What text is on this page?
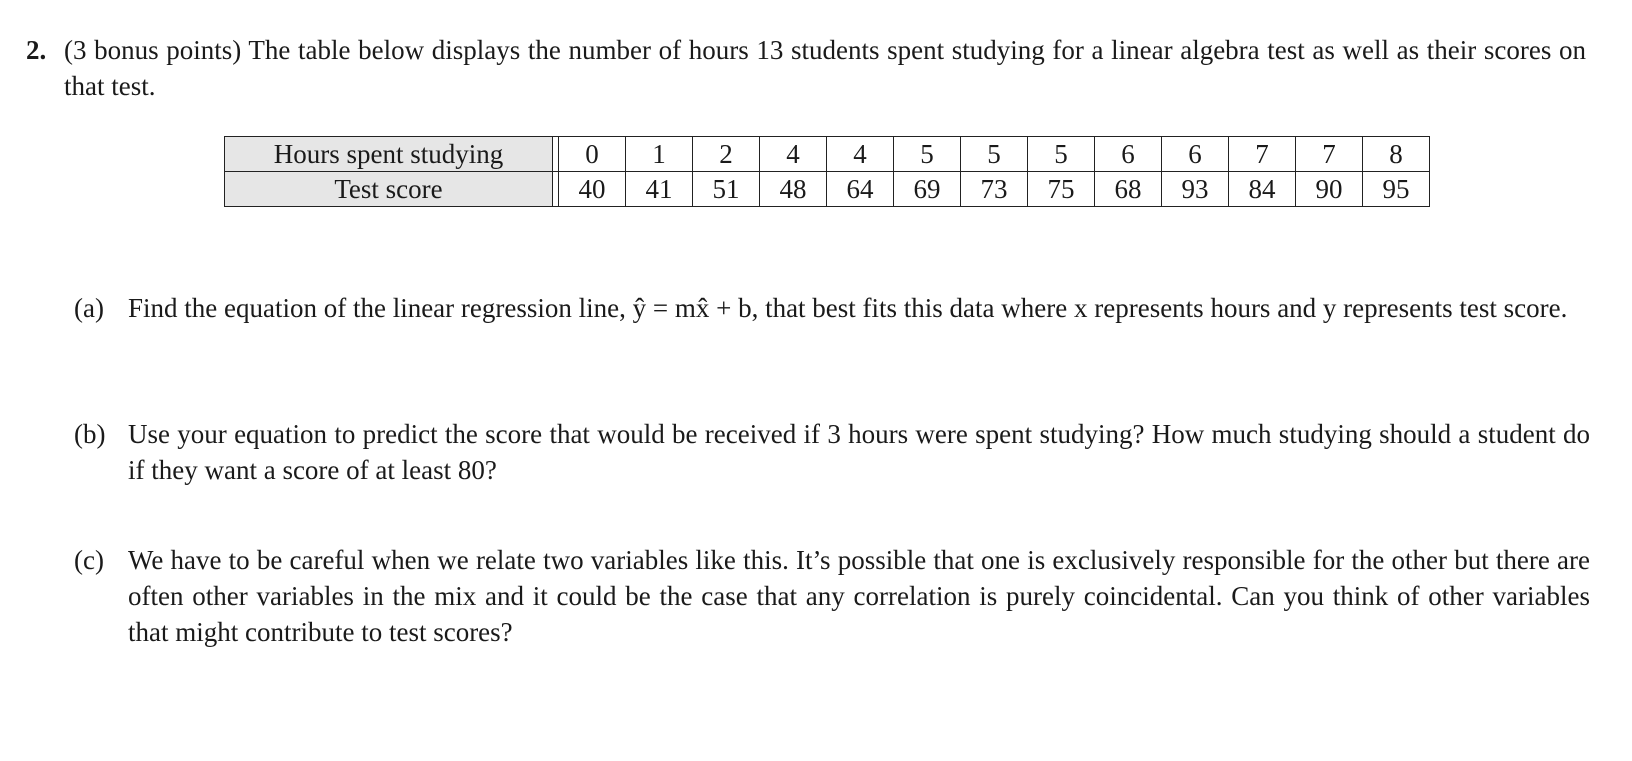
2. (3 bonus points) The table below displays the number of hours 13 students spent studying for a linear algebra test as well as their scores on that test.
Hours spent studying		0	1	2	4	4	5	5	5	6	6	7	7	8
Test score		40	41	51	48	64	69	73	75	68	93	84	90	95
(a) Find the equation of the linear regression line, ŷ = mx̂ + b, that best fits this data where x represents hours and y represents test score.
(b) Use your equation to predict the score that would be received if 3 hours were spent studying? How much studying should a student do if they want a score of at least 80?
(c) We have to be careful when we relate two variables like this. It’s possible that one is exclusively responsible for the other but there are often other variables in the mix and it could be the case that any correlation is purely coincidental. Can you think of other variables that might contribute to test scores?
